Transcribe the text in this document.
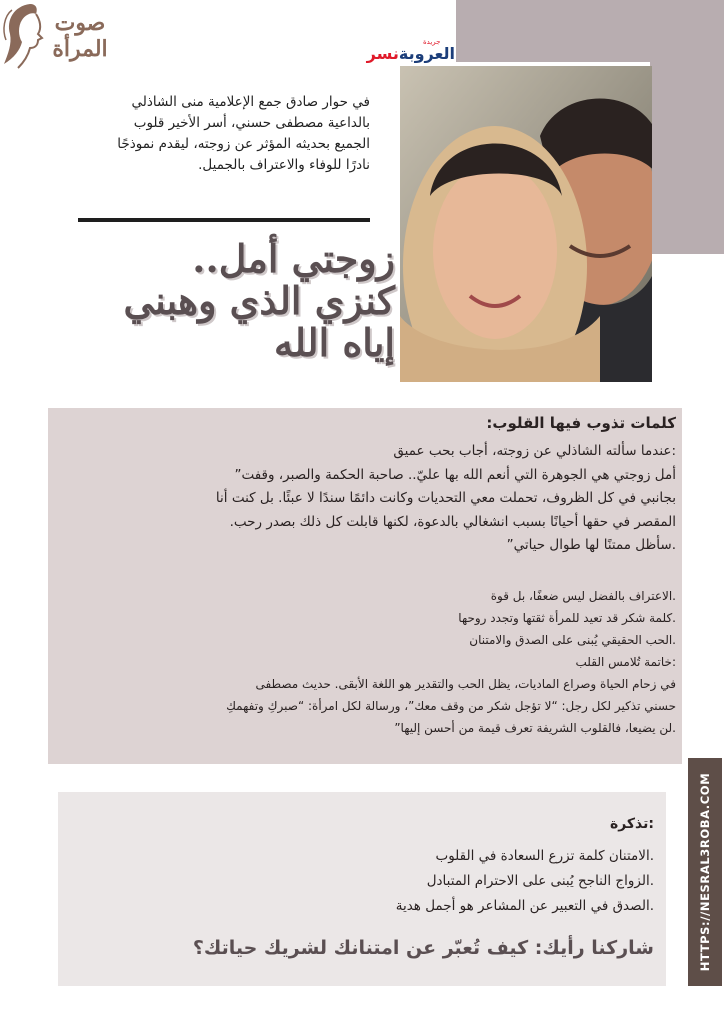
صوت
المرأة	جريدة
العروبةنسر
في حوار صادق جمع الإعلامية منى الشاذلي
بالداعية مصطفى حسني، أسر الأخير قلوب
الجميع بحديثه المؤثر عن زوجته، ليقدم نموذجًا
نادرًا للوفاء والاعتراف بالجميل.
زوجتي أمل..
كنزي الذي وهبني
إياه الله
كلمات تذوب فيها القلوب:
:عندما سألته الشاذلي عن زوجته، أجاب بحب عميق
أمل زوجتي هي الجوهرة التي أنعم الله بها عليّ.. صاحبة الحكمة والصبر، وقفت”
بجانبي في كل الظروف، تحملت معي التحديات وكانت دائمًا سندًا لا عبئًا. بل كنت أنا
المقصر في حقها أحيانًا بسبب انشغالي بالدعوة، لكنها قابلت كل ذلك بصدر رحب.
.سأظل ممتنًا لها طوال حياتي”
.الاعتراف بالفضل ليس ضعفًا، بل قوة
.كلمة شكر قد تعيد للمرأة ثقتها وتجدد روحها
.الحب الحقيقي يُبنى على الصدق والامتنان
:خاتمة تُلامس القلب
في زحام الحياة وصراع الماديات، يظل الحب والتقدير هو اللغة الأبقى. حديث مصطفى
حسني تذكير لكل رجل: “لا تؤجل شكر من وقف معك”، ورسالة لكل امرأة: “صبركِ وتفهمكِ
.لن يضيعا، فالقلوب الشريفة تعرف قيمة من أحسن إليها”
HTTPS://NESRAL3ROBA.COM
:تذكرة
.الامتنان كلمة تزرع السعادة في القلوب
.الزواج الناجح يُبنى على الاحترام المتبادل
.الصدق في التعبير عن المشاعر هو أجمل هدية
شاركنا رأيك: كيف تُعبّر عن امتنانك لشريك حياتك؟
